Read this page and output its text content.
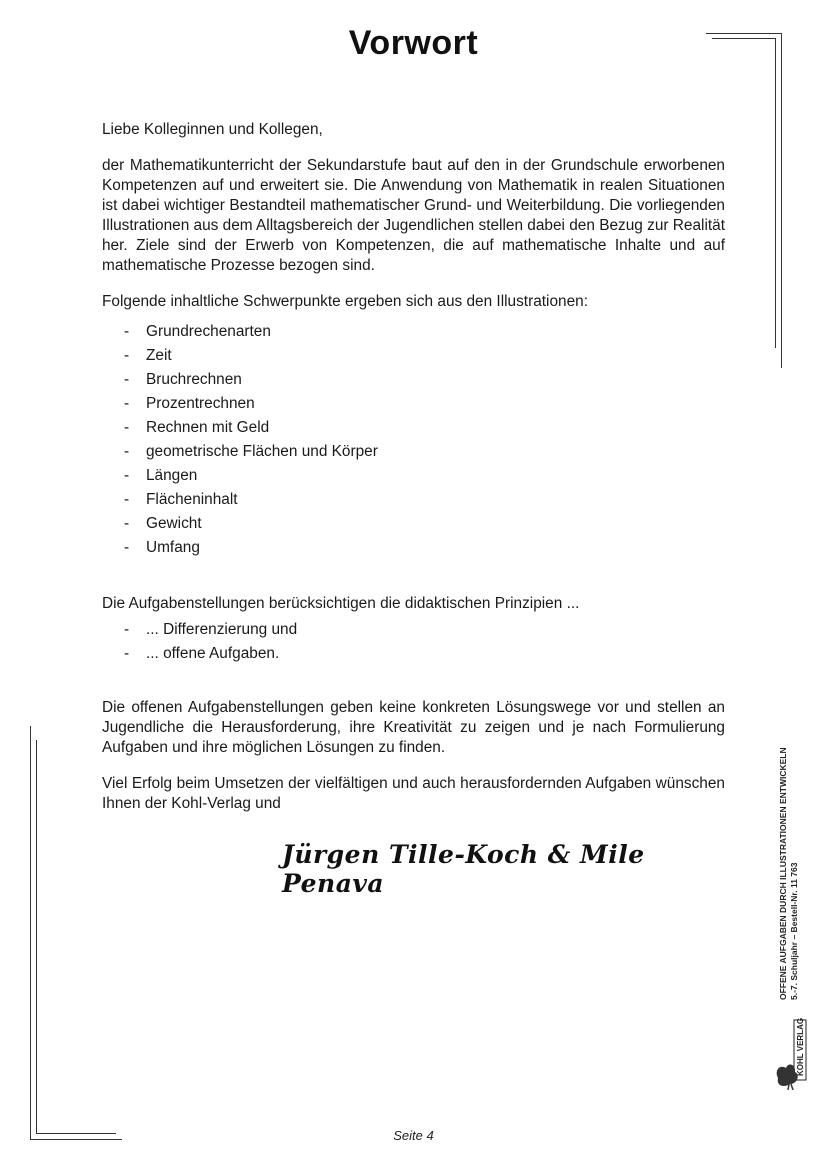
Vorwort

Liebe Kolleginnen und Kollegen,

der Mathematikunterricht der Sekundarstufe baut auf den in der Grundschule erworbenen Kompetenzen auf und erweitert sie. Die Anwendung von Mathematik in realen Situationen ist dabei wichtiger Bestandteil mathematischer Grund- und Weiterbildung. Die vorliegenden Illustrationen aus dem Alltagsbereich der Jugendlichen stellen dabei den Bezug zur Realität her. Ziele sind der Erwerb von Kompetenzen, die auf mathematische Inhalte und auf mathematische Prozesse bezogen sind.

Folgende inhaltliche Schwerpunkte ergeben sich aus den Illustrationen:

- Grundrechenarten
- Zeit
- Bruchrechnen
- Prozentrechnen
- Rechnen mit Geld
- geometrische Flächen und Körper
- Längen
- Flächeninhalt
- Gewicht
- Umfang

Die Aufgabenstellungen berücksichtigen die didaktischen Prinzipien ...

- ... Differenzierung und
- ... offene Aufgaben.

Die offenen Aufgabenstellungen geben keine konkreten Lösungswege vor und stellen an Jugendliche die Herausforderung, ihre Kreativität zu zeigen und je nach Formulierung Aufgaben und ihre möglichen Lösungen zu finden.

Viel Erfolg beim Umsetzen der vielfältigen und auch herausfordernden Aufgaben wünschen Ihnen der Kohl-Verlag und

Jürgen Tille-Koch & Mile Penava	OFFENE AUFGABEN DURCH ILLUSTRATIONEN ENTWICKELN 5.-7. Schuljahr – Bestell-Nr. 11 763
KOHL VERLAG
Seite 4
